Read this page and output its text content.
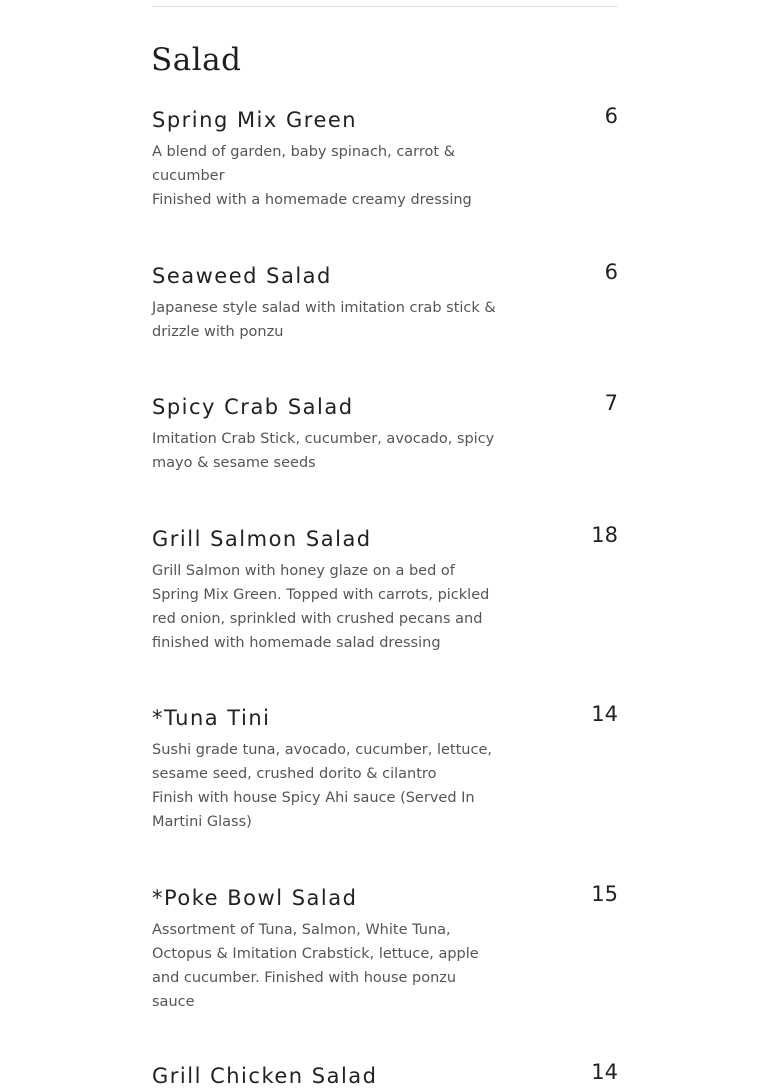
Salad
Spring Mix Green	6

A blend of garden, baby spinach, carrot &
cucumber
Finished with a homemade creamy dressing

Seaweed Salad	6

Japanese style salad with imitation crab stick &
drizzle with ponzu

Spicy Crab Salad	7

Imitation Crab Stick, cucumber, avocado, spicy
mayo & sesame seeds

Grill Salmon Salad	18

Grill Salmon with honey glaze on a bed of
Spring Mix Green. Topped with carrots, pickled
red onion, sprinkled with crushed pecans and
finished with homemade salad dressing

*Tuna Tini	14

Sushi grade tuna, avocado, cucumber, lettuce,
sesame seed, crushed dorito & cilantro
Finish with house Spicy Ahi sauce (Served In
Martini Glass)

*Poke Bowl Salad	15

Assortment of Tuna, Salmon, White Tuna,
Octopus & Imitation Crabstick, lettuce, apple
and cucumber. Finished with house ponzu
sauce

Grill Chicken Salad	14
